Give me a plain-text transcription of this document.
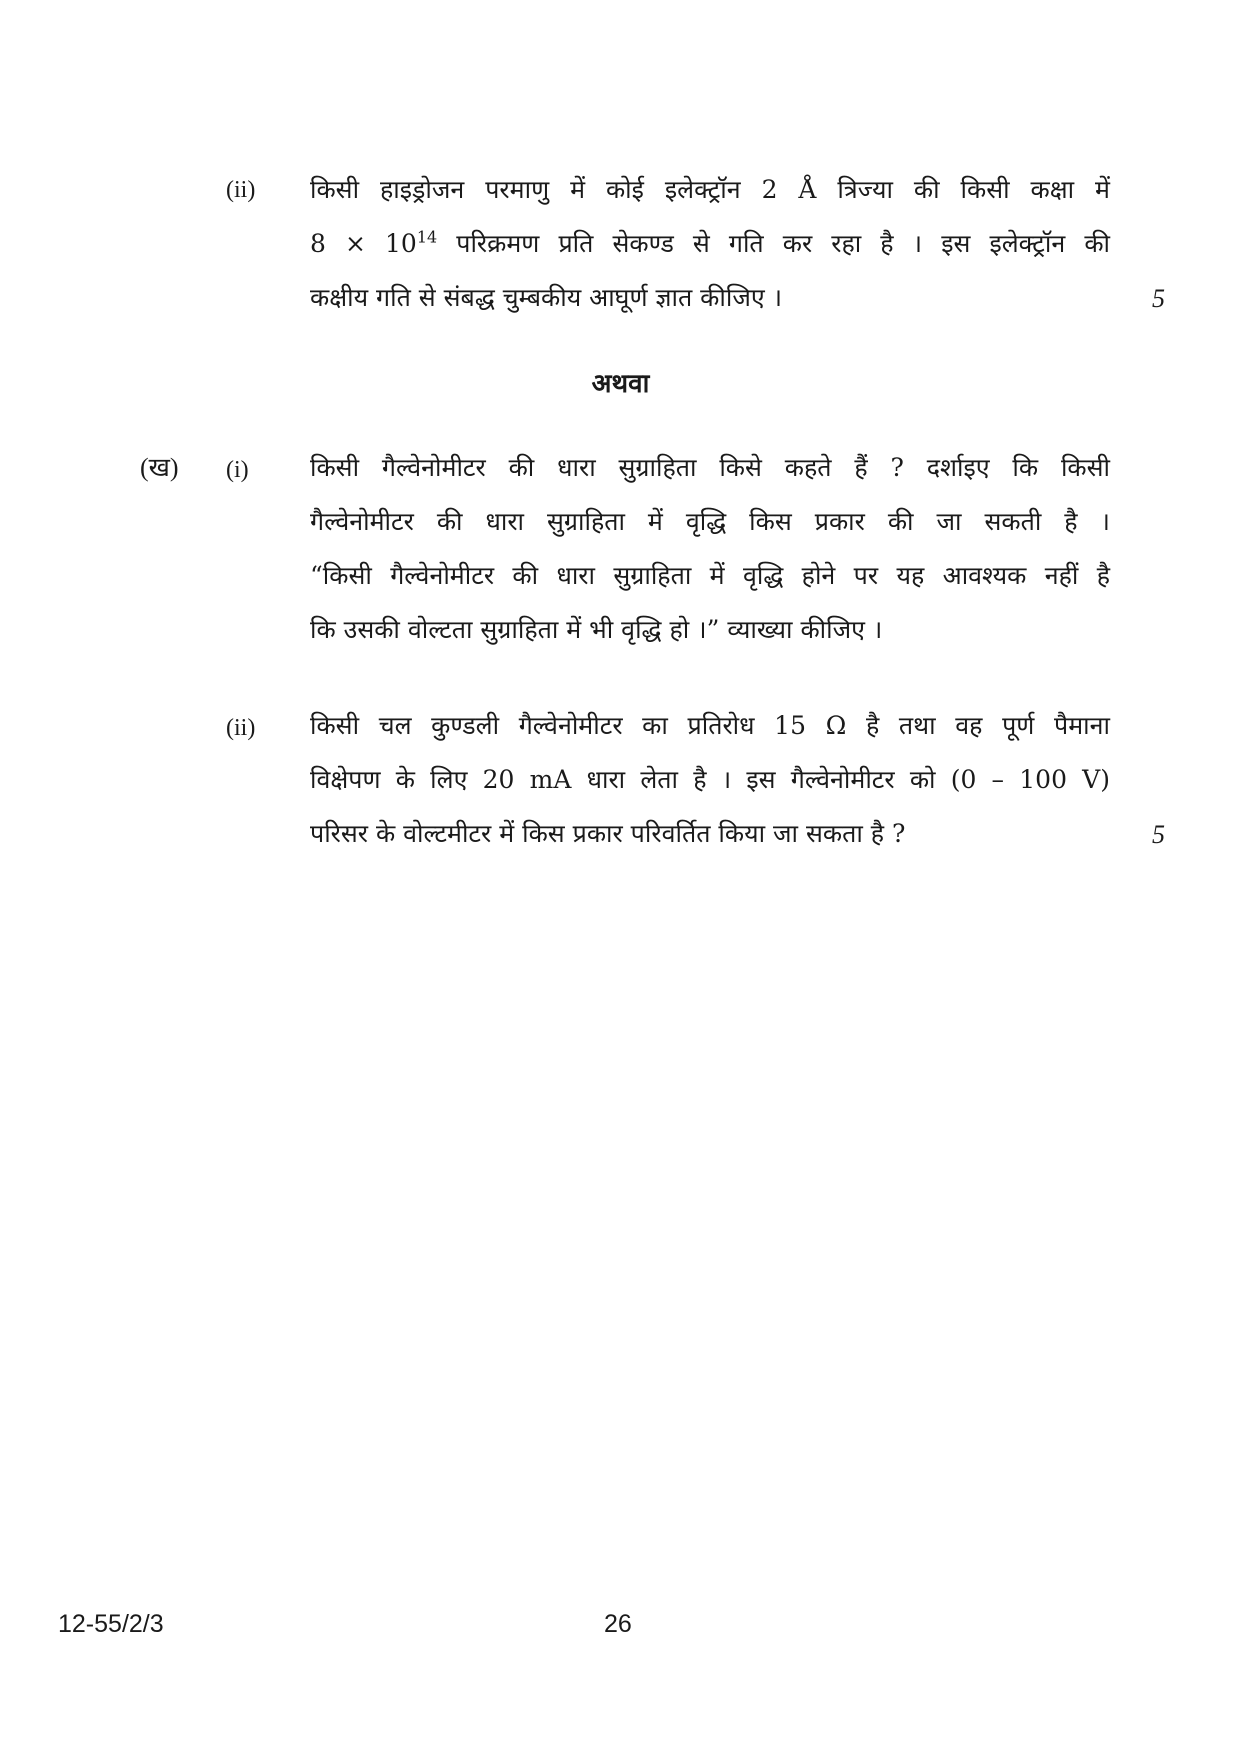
(ii) किसी हाइड्रोजन परमाणु में कोई इलेक्ट्रॉन 2 Å त्रिज्या की किसी कक्षा में
$8 \times 10^{14}$ परिक्रमण प्रति सेकण्ड से गति कर रहा है । इस इलेक्ट्रॉन की
कक्षीय गति से संबद्ध चुम्बकीय आघूर्ण ज्ञात कीजिए ।	5
अथवा
(ख) (i) किसी गैल्वेनोमीटर की धारा सुग्राहिता किसे कहते हैं ? दर्शाइए कि किसी
गैल्वेनोमीटर की धारा सुग्राहिता में वृद्धि किस प्रकार की जा सकती है ।
“किसी गैल्वेनोमीटर की धारा सुग्राहिता में वृद्धि होने पर यह आवश्यक नहीं है
कि उसकी वोल्टता सुग्राहिता में भी वृद्धि हो ।” व्याख्या कीजिए ।
(ii) किसी चल कुण्डली गैल्वेनोमीटर का प्रतिरोध 15 Ω है तथा वह पूर्ण पैमाना
विक्षेपण के लिए 20 mA धारा लेता है । इस गैल्वेनोमीटर को (0 – 100 V)
परिसर के वोल्टमीटर में किस प्रकार परिवर्तित किया जा सकता है ?	5
12-55/2/3	26
